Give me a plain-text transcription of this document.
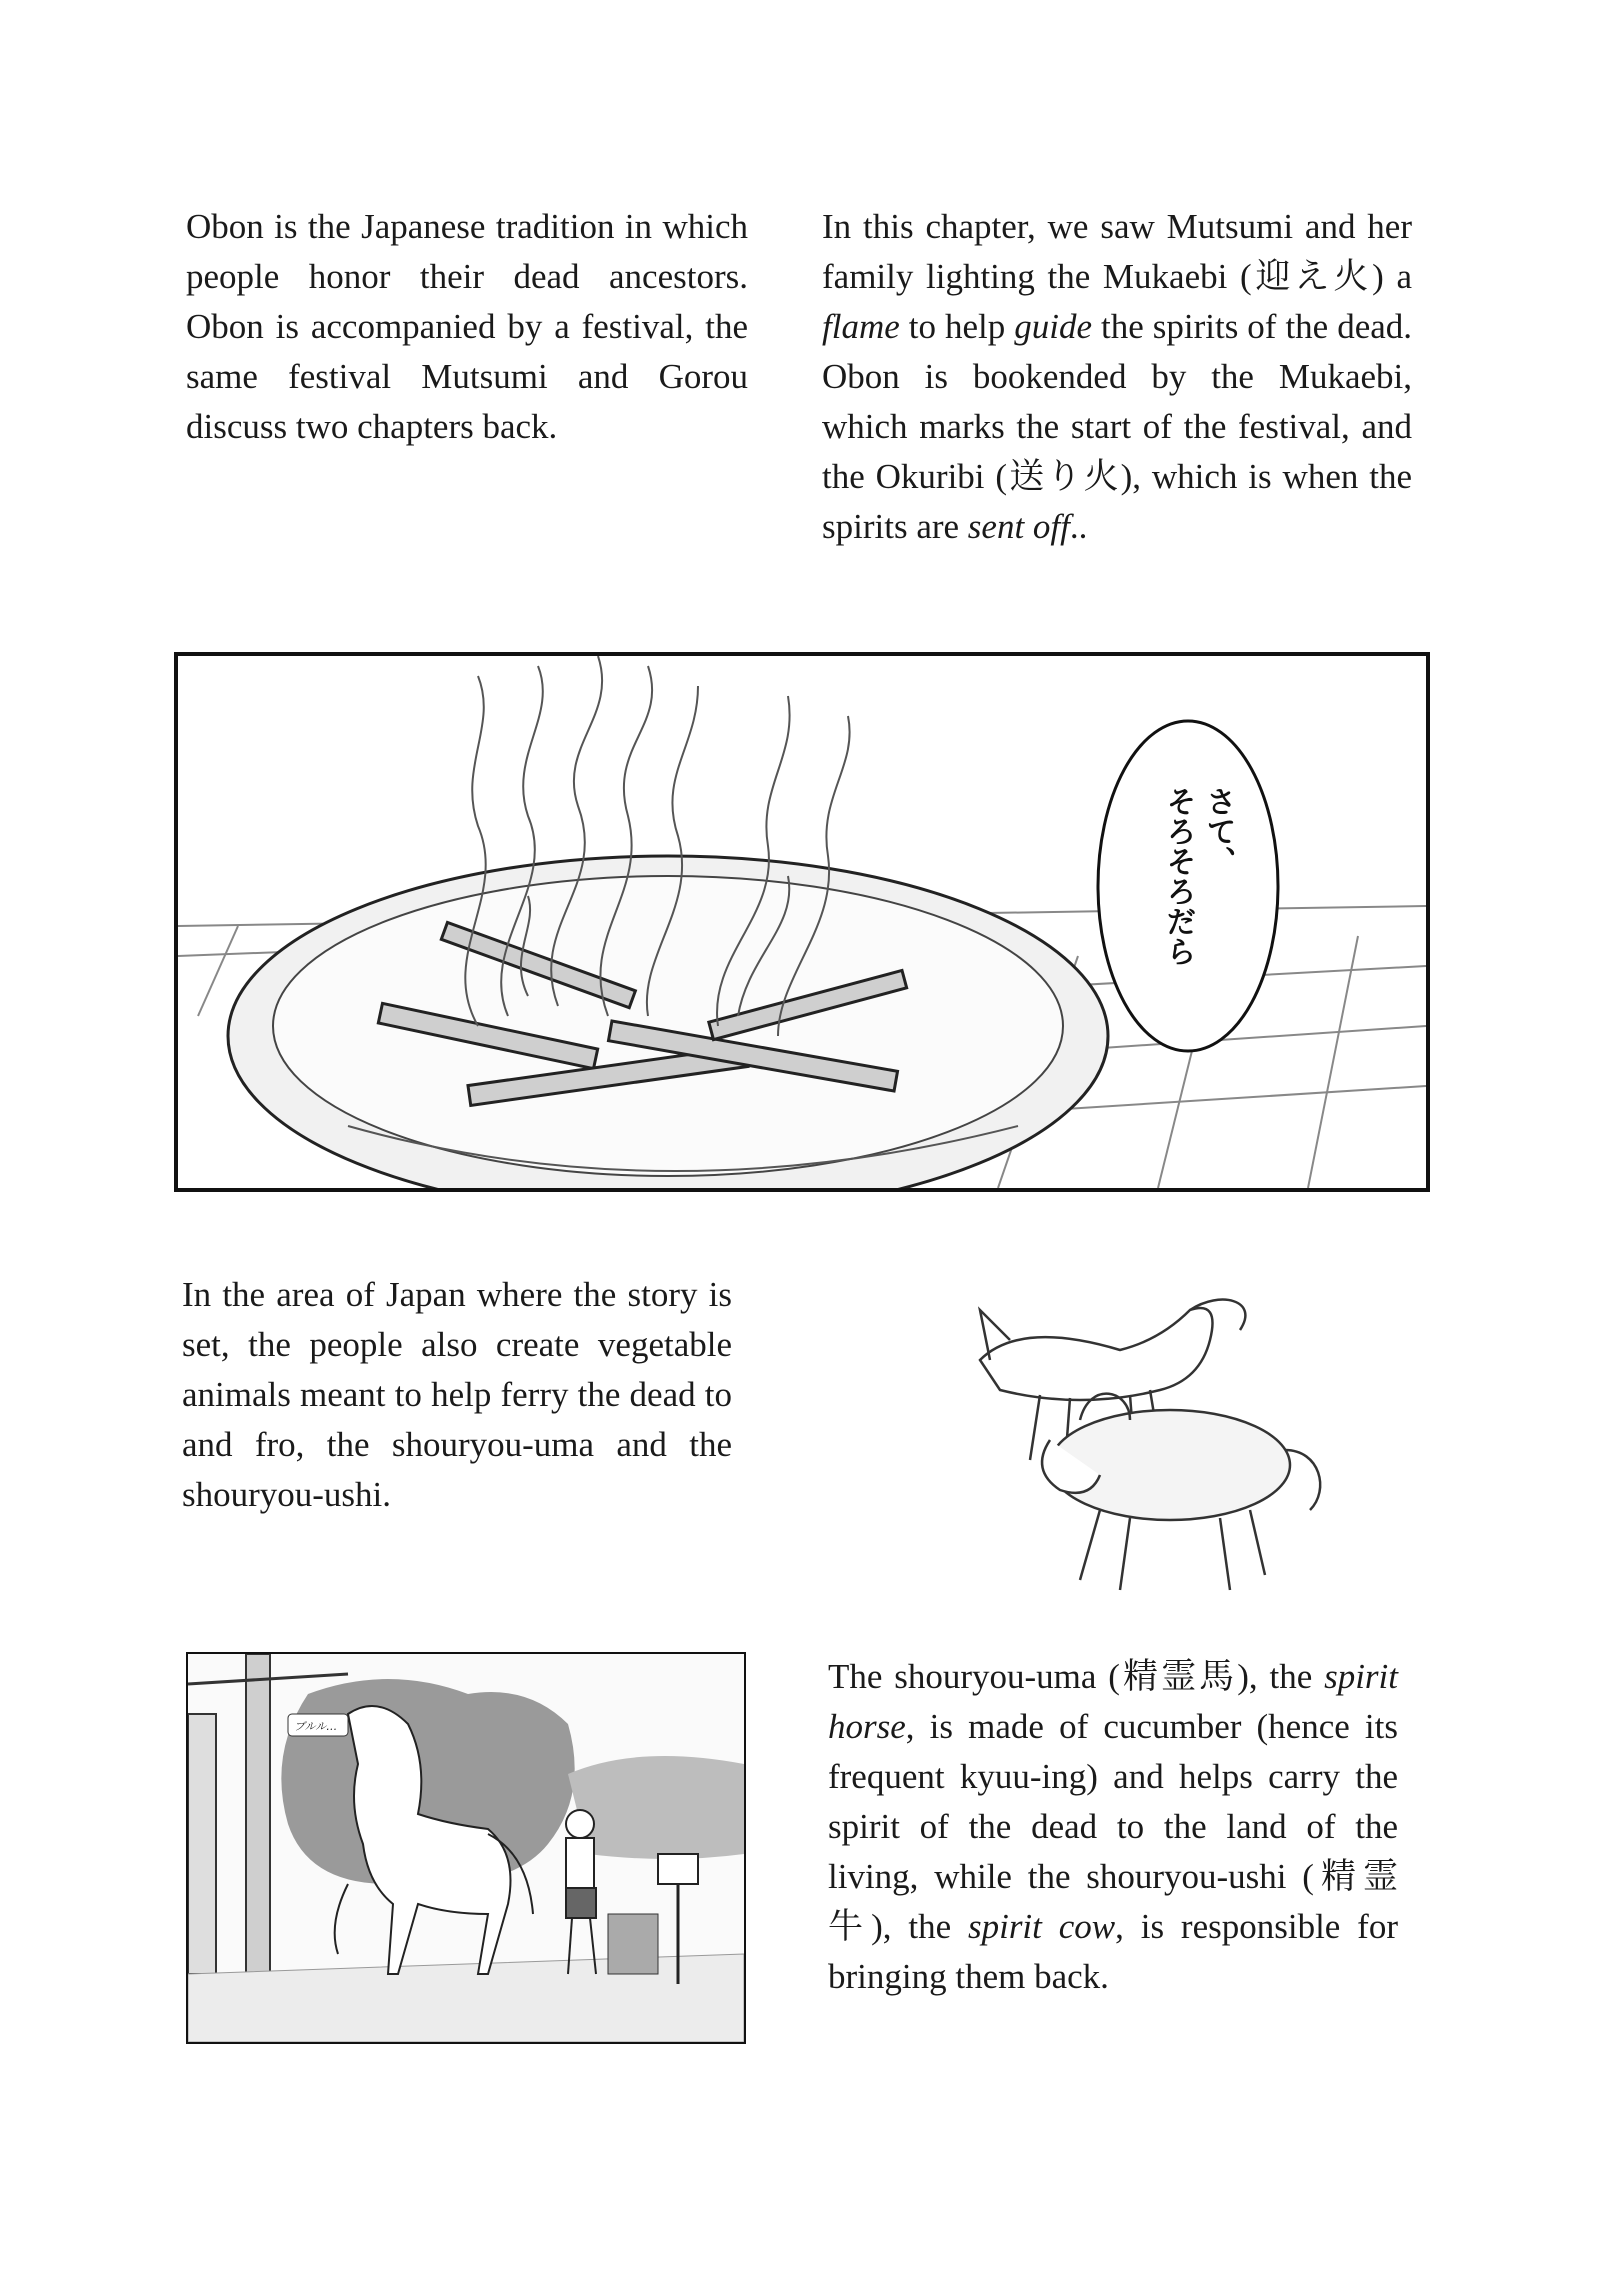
Obon is the Japanese tradition in which people honor their dead ancestors. Obon is accompanied by a festival, the same festival Mutsumi and Gorou discuss two chapters back.

In this chapter, we saw Mutsumi and her family lighting the Mukaebi (迎え火) a flame to help guide the spirits of the dead. Obon is bookended by the Mukaebi, which marks the start of the festival, and the Okuribi (送り火), which is when the spirits are sent off..

さて、
そろそろだら

In the area of Japan where the story is set, the people also create vegetable animals meant to help ferry the dead to and fro, the shouryou-uma and the shouryou-ushi.

ブルル…

The shouryou-uma (精霊馬), the spirit horse, is made of cucumber (hence its frequent kyuu-ing) and helps carry the spirit of the dead to the land of the living, while the shouryou-ushi (精霊牛), the spirit cow, is responsible for bringing them back.
